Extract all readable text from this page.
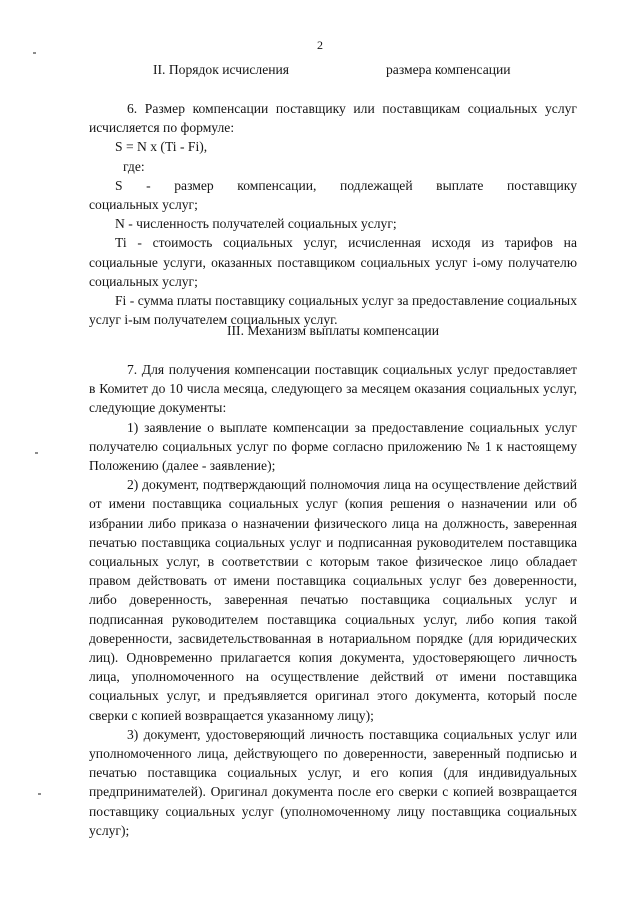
2
II. Порядок исчисления	размера компенсации

6. Размер компенсации поставщику или поставщикам социальных услуг исчисляется по формуле:

S = N x (Ti - Fi),

где:

S - размер компенсации, подлежащей выплате поставщику

социальных услуг;

N - численность получателей социальных услуг;

Ti - стоимость социальных услуг, исчисленная исходя из тарифов на социальные услуги, оказанных поставщиком социальных услуг i-ому получателю социальных услуг;

Fi - сумма платы поставщику социальных услуг за предоставление социальных услуг i-ым получателем социальных услуг.

III. Механизм выплаты компенсации

7. Для получения компенсации поставщик социальных услуг предоставляет в Комитет до 10 числа месяца, следующего за месяцем оказания социальных услуг, следующие документы:

1) заявление о выплате компенсации за предоставление социальных услуг получателю социальных услуг по форме согласно приложению № 1 к настоящему Положению (далее - заявление);

2) документ, подтверждающий полномочия лица на осуществление действий от имени поставщика социальных услуг (копия решения о назначении или об избрании либо приказа о назначении физического лица на должность, заверенная печатью поставщика социальных услуг и подписанная руководителем поставщика социальных услуг, в соответствии с которым такое физическое лицо обладает правом действовать от имени поставщика социальных услуг без доверенности, либо доверенность, заверенная печатью поставщика социальных услуг и подписанная руководителем поставщика социальных услуг, либо копия такой доверенности, засвидетельствованная в нотариальном порядке (для юридических лиц). Одновременно прилагается копия документа, удостоверяющего личность лица, уполномоченного на осуществление действий от имени поставщика социальных услуг, и предъявляется оригинал этого документа, который после сверки с копией возвращается указанному лицу);

3) документ, удостоверяющий личность поставщика социальных услуг или уполномоченного лица, действующего по доверенности, заверенный подписью и печатью поставщика социальных услуг, и его копия (для индивидуальных предпринимателей). Оригинал документа после его сверки с копией возвращается поставщику социальных услуг (уполномоченному лицу поставщика социальных услуг);
